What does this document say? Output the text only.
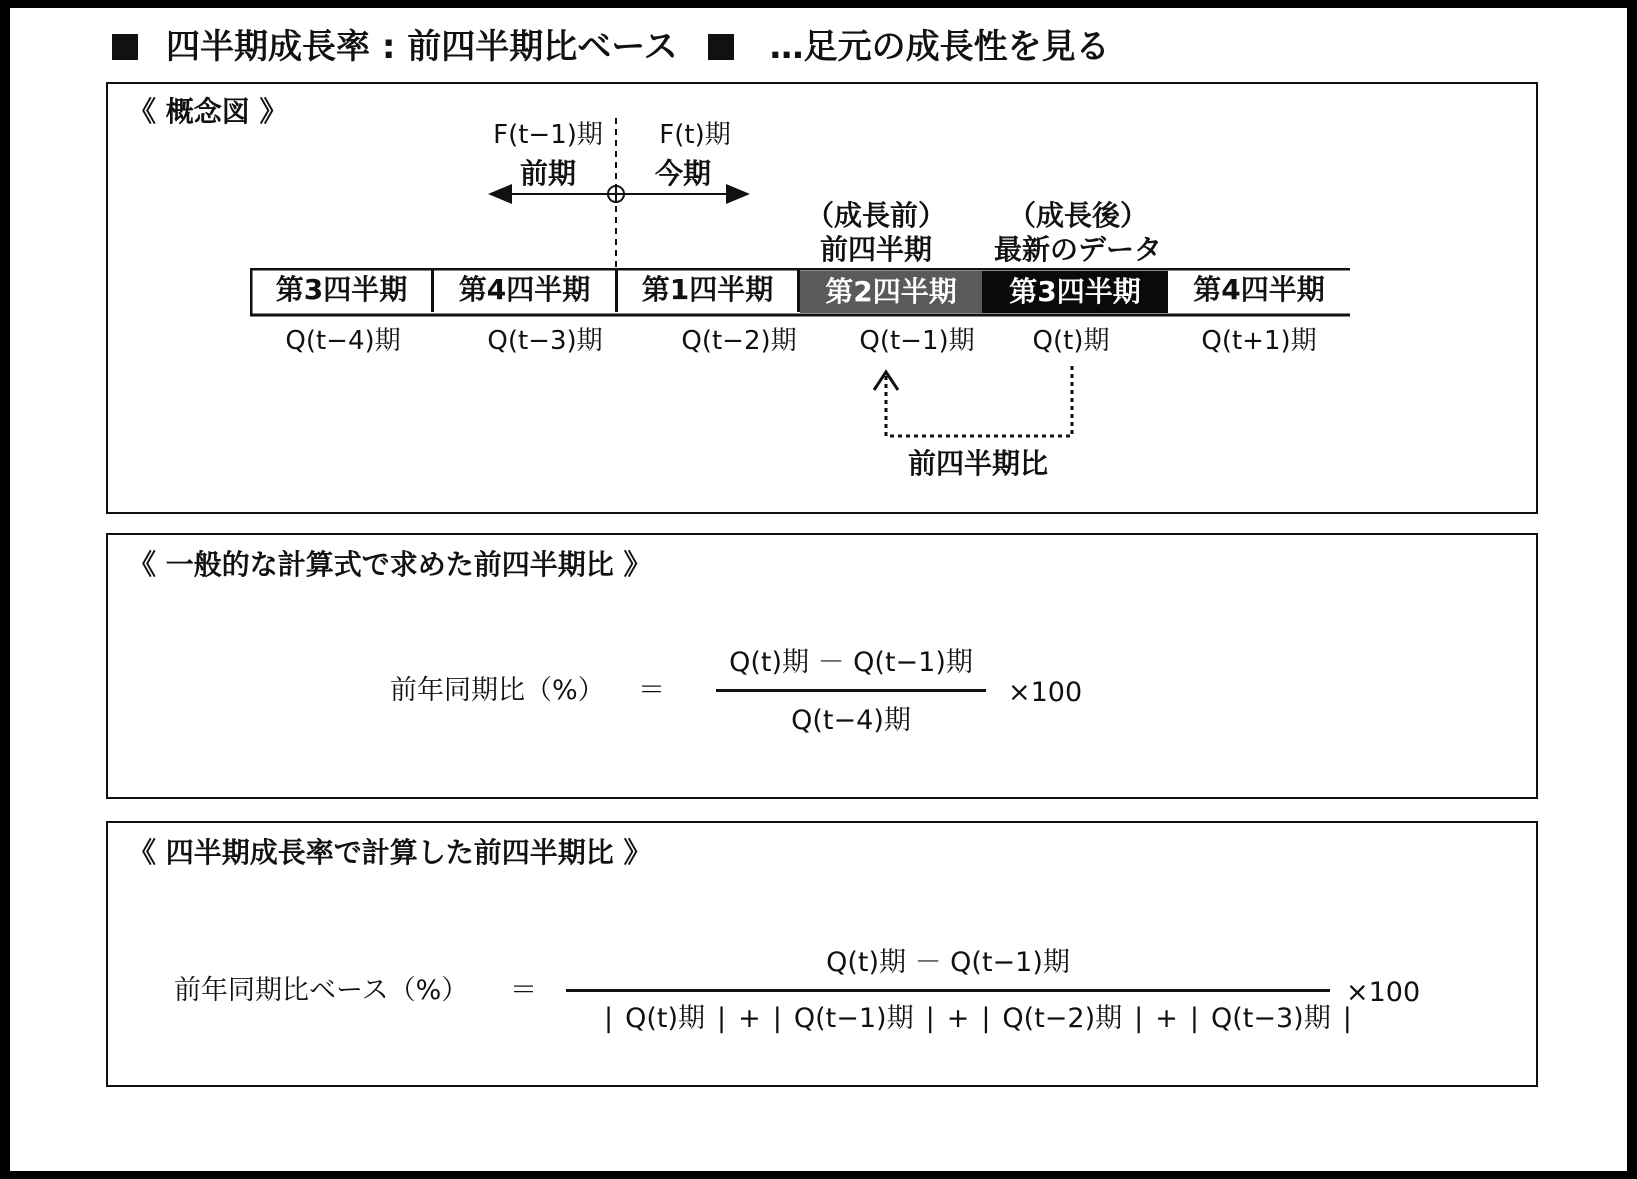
四半期成長率 : 前四半期比ベース	…足元の成長性を見る
《 概念図 》
F(t−1)期
前期
F(t)期
今期
（成長前）
前四半期
（成長後）
最新のデータ
前四半期比
第3四半期 第4四半期 第1四半期 第2四半期 第3四半期 第4四半期
Q(t−4)期	Q(t−3)期	Q(t−2)期	Q(t−1)期	Q(t)期	Q(t+1)期
《 一般的な計算式で求めた前四半期比 》
前年同期比（%） ＝
Q(t)期 － Q(t−1)期
Q(t−4)期
×100
《 四半期成長率で計算した前四半期比 》
前年同期比ベース（%） ＝
Q(t)期 － Q(t−1)期
| Q(t)期 | + | Q(t−1)期 | + | Q(t−2)期 | + | Q(t−3)期 |
×100
